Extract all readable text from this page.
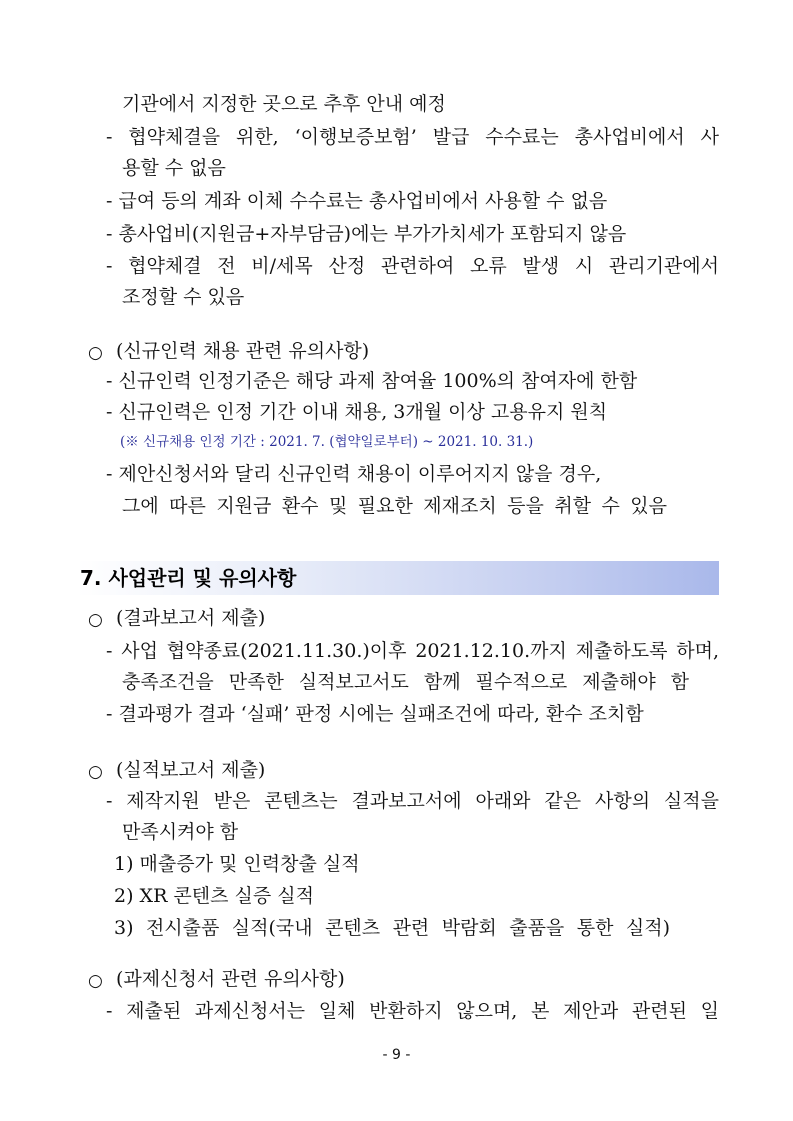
기관에서 지정한 곳으로 추후 안내 예정
- 협약체결을 위한, ‘이행보증보험’ 발급 수수료는 총사업비에서 사
용할 수 없음
- 급여 등의 계좌 이체 수수료는 총사업비에서 사용할 수 없음
- 총사업비(지원금+자부담금)에는 부가가치세가 포함되지 않음
- 협약체결 전 비/세목 산정 관련하여 오류 발생 시 관리기관에서
조정할 수 있음
○ (신규인력 채용 관련 유의사항)
- 신규인력 인정기준은 해당 과제 참여율 100%의 참여자에 한함
- 신규인력은 인정 기간 이내 채용, 3개월 이상 고용유지 원칙
(※ 신규채용 인정 기간 : 2021. 7. (협약일로부터) ~ 2021. 10. 31.)
- 제안신청서와 달리 신규인력 채용이 이루어지지 않을 경우,
그에 따른 지원금 환수 및 필요한 제재조치 등을 취할 수 있음
7. 사업관리 및 유의사항
○ (결과보고서 제출)
- 사업 협약종료(2021.11.30.)이후 2021.12.10.까지 제출하도록 하며,
충족조건을 만족한 실적보고서도 함께 필수적으로 제출해야 함
- 결과평가 결과 ‘실패’ 판정 시에는 실패조건에 따라, 환수 조치함
○ (실적보고서 제출)
- 제작지원 받은 콘텐츠는 결과보고서에 아래와 같은 사항의 실적을
만족시켜야 함
1) 매출증가 및 인력창출 실적
2) XR 콘텐츠 실증 실적
3) 전시출품 실적(국내 콘텐츠 관련 박람회 출품을 통한 실적)
○ (과제신청서 관련 유의사항)
- 제출된 과제신청서는 일체 반환하지 않으며, 본 제안과 관련된 일
- 9 -
